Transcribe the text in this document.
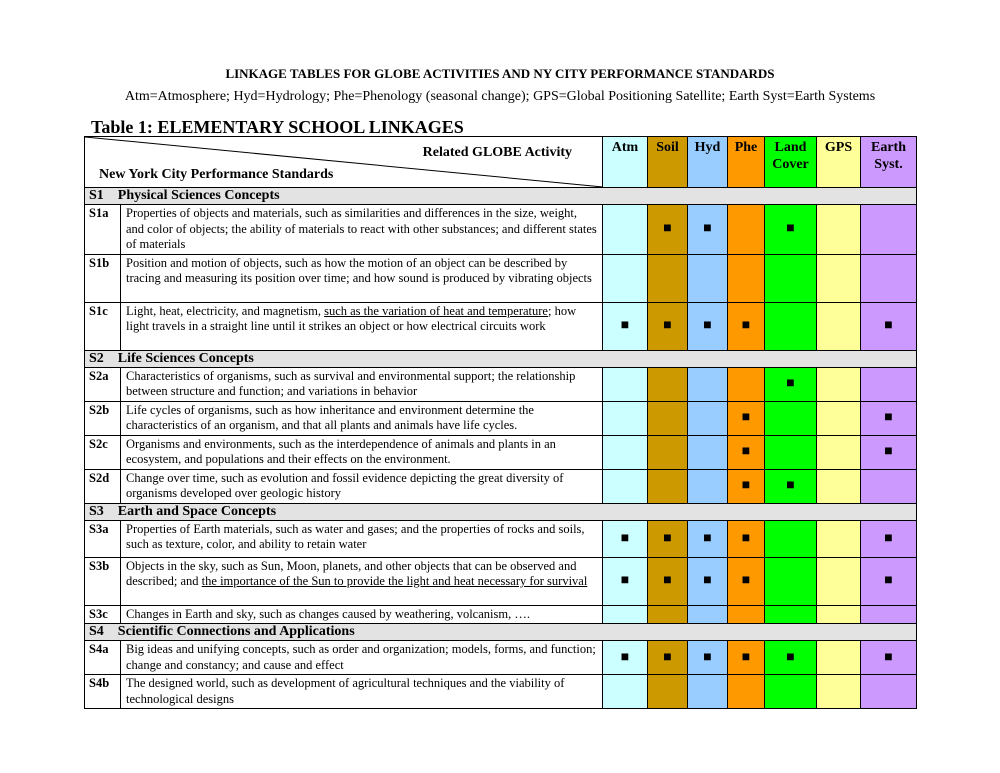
LINKAGE TABLES FOR GLOBE ACTIVITIES AND NY CITY PERFORMANCE STANDARDS
Atm=Atmosphere; Hyd=Hydrology; Phe=Phenology (seasonal change); GPS=Global Positioning Satellite; Earth Syst=Earth Systems
Table 1: ELEMENTARY SCHOOL LINKAGES
Related GLOBE Activity
New York City Performance Standards		Atm	Soil	Hyd	Phe	Land Cover	GPS	Earth Syst.
S1    Physical Sciences Concepts								
S1a	Properties of objects and materials, such as similarities and differences in the size, weight, and color of objects; the ability of materials to react with other substances; and different states of materials		■	■		■		
S1b	Position and motion of objects, such as how the motion of an object can be described by tracing and measuring its position over time; and how sound is produced by vibrating objects							
S1c	Light, heat, electricity, and magnetism, such as the variation of heat and temperature; how light travels in a straight line until it strikes an object or how electrical circuits work	■	■	■	■			■
S2    Life Sciences Concepts								
S2a	Characteristics of organisms, such as survival and environmental support; the relationship between structure and function; and variations in behavior					■		
S2b	Life cycles of organisms, such as how inheritance and environment determine the characteristics of an organism, and that all plants and animals have life cycles.				■			■
S2c	Organisms and environments, such as the interdependence of animals and plants in an ecosystem, and populations and their effects on the environment.				■			■
S2d	Change over time, such as evolution and fossil evidence depicting the great diversity of organisms developed over geologic history				■	■		
S3    Earth and Space Concepts								
S3a	Properties of Earth materials, such as water and gases; and the properties of rocks and soils, such as texture, color, and ability to retain water	■	■	■	■			■
S3b	Objects in the sky, such as Sun, Moon, planets, and other objects that can be observed and described; and the importance of the Sun to provide the light and heat necessary for survival	■	■	■	■			■
S3c	Changes in Earth and sky, such as changes caused by weathering, volcanism, ….							
S4    Scientific Connections and Applications								
S4a	Big ideas and unifying concepts, such as order and organization; models, forms, and function; change and constancy; and cause and effect	■	■	■	■	■		■
S4b	The designed world, such as development of agricultural techniques and the viability of technological designs							
